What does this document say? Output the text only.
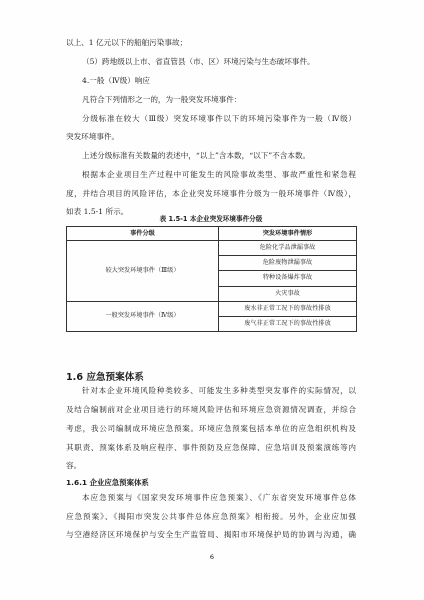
以上、1 亿元以下的船舶污染事故；
（5）跨地级以上市、省直管县（市、区）环境污染与生态破坏事件。
4.一般（Ⅳ级）响应
凡符合下列情形之一的，为一般突发环境事件：
分级标准在较大（Ⅲ级）突发环境事件以下的环境污染事件为一般（Ⅳ级）
突发环境事件。
上述分级标准有关数量的表述中，“以上”含本数，“以下”不含本数。
根据本企业项目生产过程中可能发生的风险事故类型、事故严重性和紧急程
度，并结合项目的风险评估，本企业突发环境事件分级为一般环境事件（Ⅳ级），
如表 1.5-1 所示。
表 1.5-1 本企业突发环境事件分级
事件分级	突发环境事件情形
较大突发环境事件（Ⅲ级）	危险化学品泄漏事故
	危险废物泄漏事故
	特种设备爆炸事故
	火灾事故
一般突发环境事件（Ⅳ级）	废水非正常工况下的事故性排放
	废气非正常工况下的事故性排放
1.6 应急预案体系
针对本企业环境风险种类较多、可能发生多种类型突发事件的实际情况，以
及结合编制前对企业项目进行的环境风险评估和环境应急资源情况调查，并综合
考虑，我公司编制成环境应急预案。环境应急预案包括本单位的应急组织机构及
其职责、预案体系及响应程序、事件预防及应急保障、应急培训及预案演练等内
容。
1.6.1 企业应急预案体系
本应急预案与《国家突发环境事件应急预案》、《广东省突发环境事件总体
应急预案》、《揭阳市突发公共事件总体应急预案》相衔接。另外，企业应加强
与空港经济区环境保护与安全生产监管局、揭阳市环境保护局的协调与沟通，确
6
